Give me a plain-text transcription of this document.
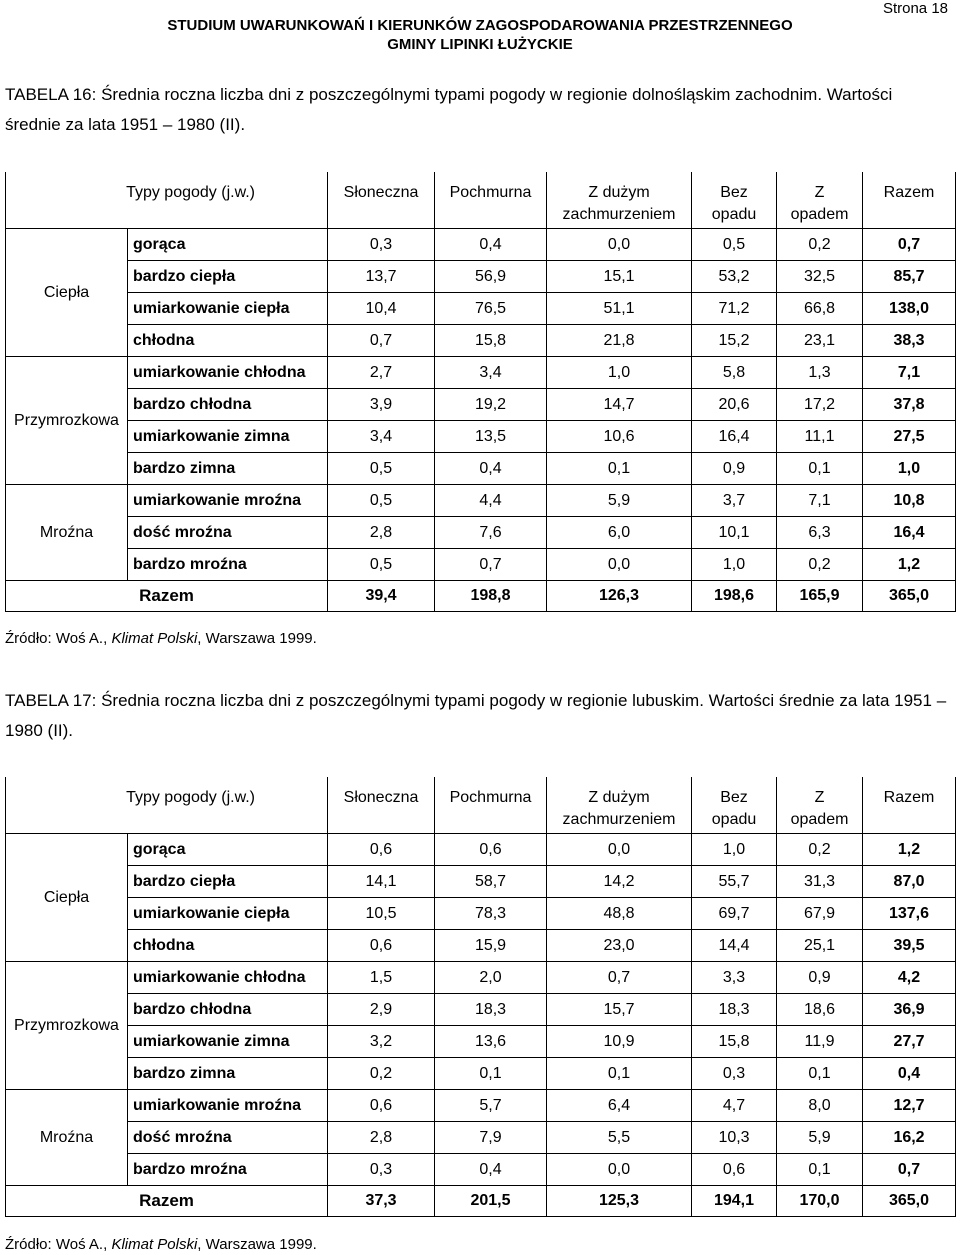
Strona 18
STUDIUM UWARUNKOWAŃ I KIERUNKÓW ZAGOSPODAROWANIA PRZESTRZENNEGO
GMINY LIPINKI ŁUŻYCKIE
TABELA 16: Średnia roczna liczba dni z poszczególnymi typami pogody w regionie dolnośląskim zachodnim. Wartości średnie za lata 1951 – 1980 (II).
Typy pogody (j.w.)		Słoneczna	Pochmurna	Z dużym	Bez	Z	Razem
				zachmurzeniem	opadu	opadem	
Ciepła	gorąca	0,3	0,4	0,0	0,5	0,2	0,7
	bardzo ciepła	13,7	56,9	15,1	53,2	32,5	85,7
	umiarkowanie ciepła	10,4	76,5	51,1	71,2	66,8	138,0
	chłodna	0,7	15,8	21,8	15,2	23,1	38,3
Przymrozkowa	umiarkowanie chłodna	2,7	3,4	1,0	5,8	1,3	7,1
	bardzo chłodna	3,9	19,2	14,7	20,6	17,2	37,8
	umiarkowanie zimna	3,4	13,5	10,6	16,4	11,1	27,5
	bardzo zimna	0,5	0,4	0,1	0,9	0,1	1,0
Mroźna	umiarkowanie mroźna	0,5	4,4	5,9	3,7	7,1	10,8
	dość mroźna	2,8	7,6	6,0	10,1	6,3	16,4
	bardzo mroźna	0,5	0,7	0,0	1,0	0,2	1,2
Razem		39,4	198,8	126,3	198,6	165,9	365,0
Źródło: Woś A., Klimat Polski, Warszawa 1999.
TABELA 17: Średnia roczna liczba dni z poszczególnymi typami pogody w regionie lubuskim. Wartości średnie za lata 1951 – 1980 (II).
Typy pogody (j.w.)		Słoneczna	Pochmurna	Z dużym	Bez	Z	Razem
				zachmurzeniem	opadu	opadem	
Ciepła	gorąca	0,6	0,6	0,0	1,0	0,2	1,2
	bardzo ciepła	14,1	58,7	14,2	55,7	31,3	87,0
	umiarkowanie ciepła	10,5	78,3	48,8	69,7	67,9	137,6
	chłodna	0,6	15,9	23,0	14,4	25,1	39,5
Przymrozkowa	umiarkowanie chłodna	1,5	2,0	0,7	3,3	0,9	4,2
	bardzo chłodna	2,9	18,3	15,7	18,3	18,6	36,9
	umiarkowanie zimna	3,2	13,6	10,9	15,8	11,9	27,7
	bardzo zimna	0,2	0,1	0,1	0,3	0,1	0,4
Mroźna	umiarkowanie mroźna	0,6	5,7	6,4	4,7	8,0	12,7
	dość mroźna	2,8	7,9	5,5	10,3	5,9	16,2
	bardzo mroźna	0,3	0,4	0,0	0,6	0,1	0,7
Razem		37,3	201,5	125,3	194,1	170,0	365,0
Źródło: Woś A., Klimat Polski, Warszawa 1999.
